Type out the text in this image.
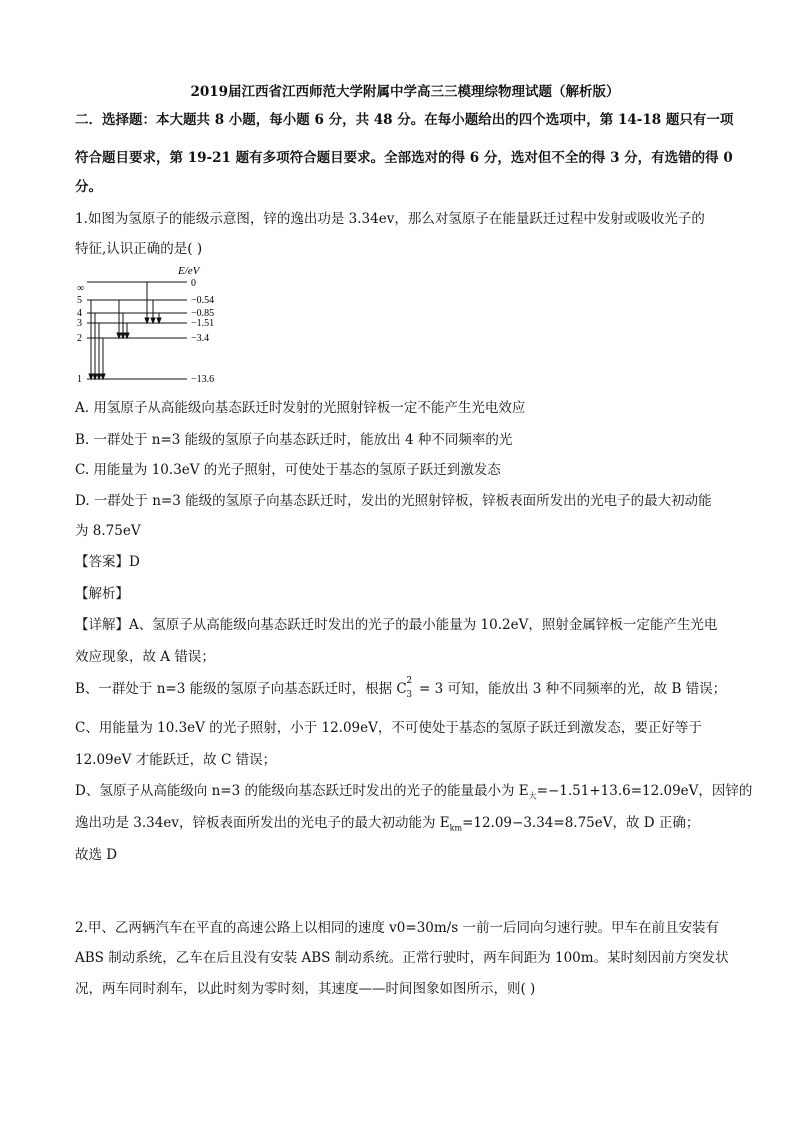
2019届江西省江西师范大学附属中学高三三模理综物理试题（解析版）
二．选择题：本大题共 8 小题，每小题 6 分，共 48 分。在每小题给出的四个选项中，第 14-18 题只有一项
符合题目要求，第 19-21 题有多项符合题目要求。全部选对的得 6 分，选对但不全的得 3 分，有选错的得 0
分。
1.如图为氢原子的能级示意图，锌的逸出功是 3.34ev，那么对氢原子在能量跃迁过程中发射或吸收光子的
特征,认识正确的是( )
E/eV
∞
5
4
3
2
1
0
−0.54
−0.85
−1.51
−3.4
−13.6
A. 用氢原子从高能级向基态跃迁时发射的光照射锌板一定不能产生光电效应
B. 一群处于 n=3 能级的氢原子向基态跃迁时，能放出 4 种不同频率的光
C. 用能量为 10.3eV 的光子照射，可使处于基态的氢原子跃迁到激发态
D. 一群处于 n=3 能级的氢原子向基态跃迁时，发出的光照射锌板，锌板表面所发出的光电子的最大初动能
为 8.75eV
【答案】D
【解析】
【详解】A、氢原子从高能级向基态跃迁时发出的光子的最小能量为 10.2eV，照射金属锌板一定能产生光电
效应现象，故 A 错误；
B、一群处于 n=3 能级的氢原子向基态跃迁时，根据 C 2
3 = 3 可知，能放出 3 种不同频率的光，故 B 错误；
C、用能量为 10.3eV 的光子照射，小于 12.09eV，不可使处于基态的氢原子跃迁到激发态，要正好等于
12.09eV 才能跃迁，故 C 错误；
D、氢原子从高能级向 n=3 的能级向基态跃迁时发出的光子的能量最小为 $E_大=-1.51+13.6=12.09eV$，因锌的
逸出功是 3.34ev，锌板表面所发出的光电子的最大初动能为 $E_{km}=12.09-3.34=8.75eV$，故 D 正确；
故选 D
2.甲、乙两辆汽车在平直的高速公路上以相同的速度 v0=30m/s 一前一后同向匀速行驶。甲车在前且安装有
ABS 制动系统，乙车在后且没有安装 ABS 制动系统。正常行驶时，两车间距为 100m。某时刻因前方突发状
况，两车同时刹车，以此时刻为零时刻，其速度——时间图象如图所示，则( )
